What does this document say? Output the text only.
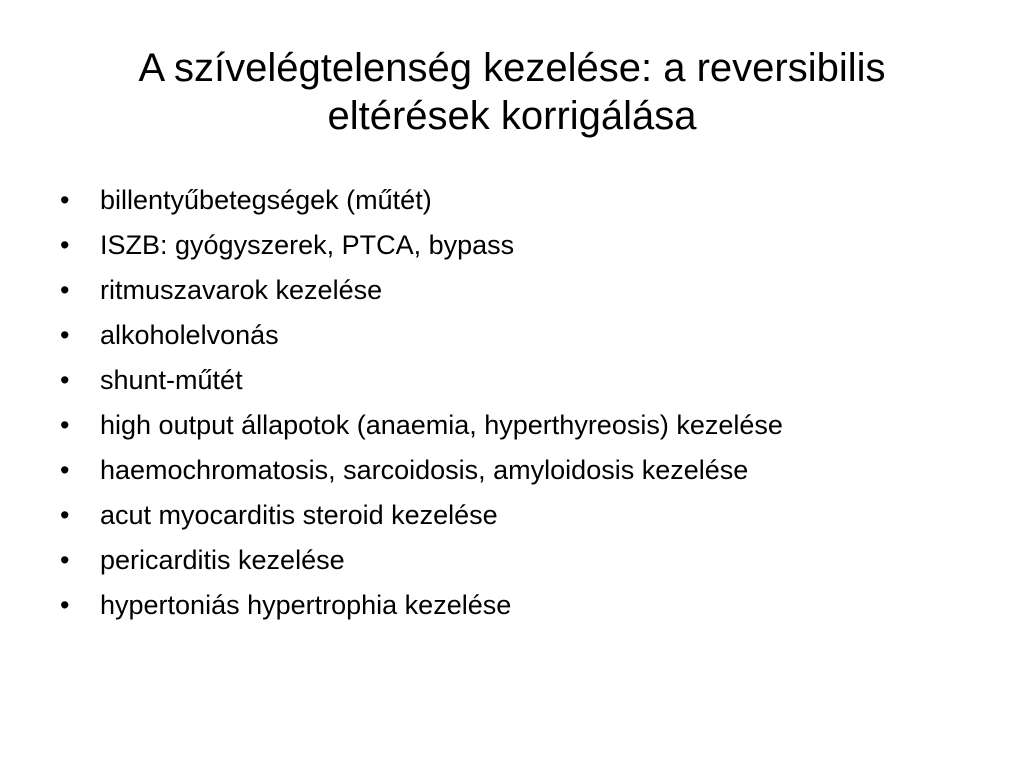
A szívelégtelenség kezelése: a reversibilis
eltérések korrigálása
•	billentyűbetegségek (műtét)
•	ISZB: gyógyszerek, PTCA, bypass
•	ritmuszavarok kezelése
•	alkoholelvonás
•	shunt-műtét
•	high output állapotok (anaemia, hyperthyreosis) kezelése
•	haemochromatosis, sarcoidosis, amyloidosis kezelése
•	acut myocarditis steroid kezelése
•	pericarditis kezelése
•	hypertoniás hypertrophia kezelése
